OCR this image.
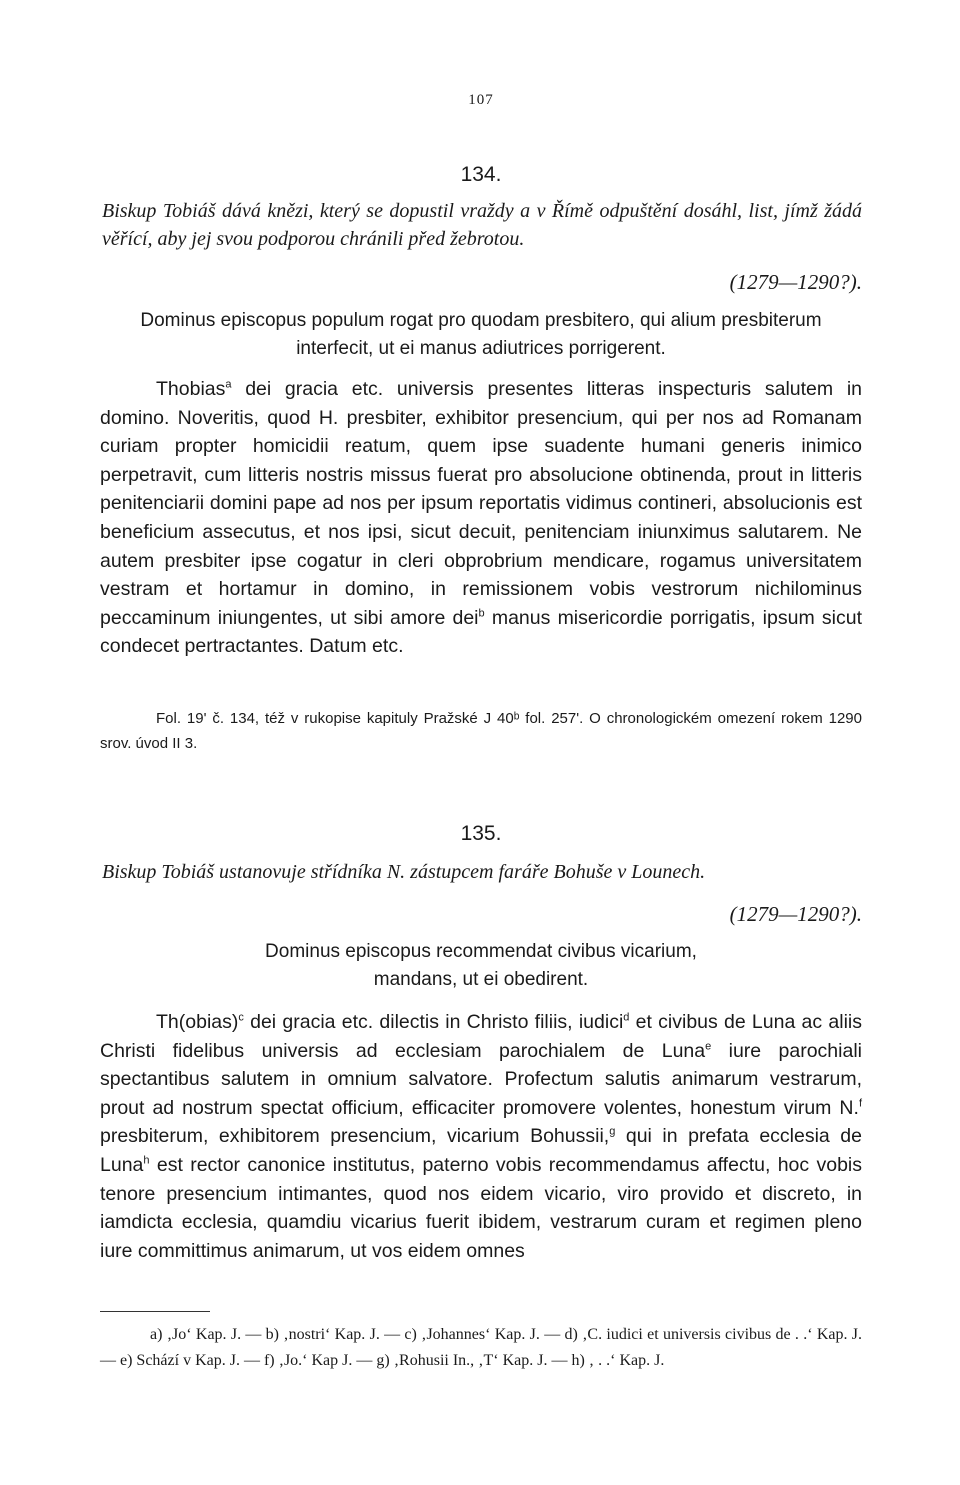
107
134.
Biskup Tobiáš dává knězi, který se dopustil vraždy a v Římě odpuštění dosáhl, list, jímž žádá věřící, aby jej svou podporou chránili před žebrotou.
(1279—1290?).
Dominus episcopus populum rogat pro quodam presbitero, qui alium presbiterum interfecit, ut ei manus adiutrices porrigerent.

Thobias$^a$ dei gracia etc. universis presentes litteras inspecturis salutem in domino. Noveritis, quod H. presbiter, exhibitor presencium, qui per nos ad Romanam curiam propter homicidii reatum, quem ipse suadente humani generis inimico perpetravit, cum litteris nostris missus fuerat pro absolucione obtinenda, prout in litteris penitenciarii domini pape ad nos per ipsum reportatis vidimus contineri, absolucionis est beneficium assecutus, et nos ipsi, sicut decuit, penitenciam iniunximus salutarem. Ne autem presbiter ipse cogatur in cleri obprobrium mendicare, rogamus universitatem vestram et hortamur in domino, in remissionem vobis vestrorum nichilominus peccaminum iniungentes, ut sibi amore dei$^b$ manus misericordie porrigatis, ipsum sicut condecet pertractantes. Datum etc.

Fol. 19' č. 134, též v rukopise kapituly Pražské J 40ᵇ fol. 257'. O chronologickém omezení rokem 1290 srov. úvod II 3.

135.
Biskup Tobiáš ustanovuje střídníka N. zástupcem faráře Bohuše v Lounech.
(1279—1290?).
Dominus episcopus recommendat civibus vicarium, mandans, ut ei obedirent.

Th(obias)$^c$ dei gracia etc. dilectis in Christo filiis, iudici$^d$ et civibus de Luna ac aliis Christi fidelibus universis ad ecclesiam parochialem de Luna$^e$ iure parochiali spectantibus salutem in omnium salvatore. Profectum salutis animarum vestrarum, prout ad nostrum spectat officium, efficaciter promovere volentes, honestum virum N.$^f$ presbiterum, exhibitorem presencium, vicarium Bohussii,$^g$ qui in prefata ecclesia de Luna$^h$ est rector canonice institutus, paterno vobis recommendamus affectu, hoc vobis tenore presencium intimantes, quod nos eidem vicario, viro provido et discreto, in iamdicta ecclesia, quamdiu vicarius fuerit ibidem, vestrarum curam et regimen pleno iure committimus animarum, ut vos eidem omnes

a) ‚Jo‘ Kap. J. — b) ‚nostri‘ Kap. J. — c) ‚Johannes‘ Kap. J. — d) ‚C. iudici et universis civibus de . .‘ Kap. J. — e) Schází v Kap. J. — f) ‚Jo.‘ Kap J. — g) ‚Rohusii In., ‚T‘ Kap. J. — h) ‚ . .‘ Kap. J.
